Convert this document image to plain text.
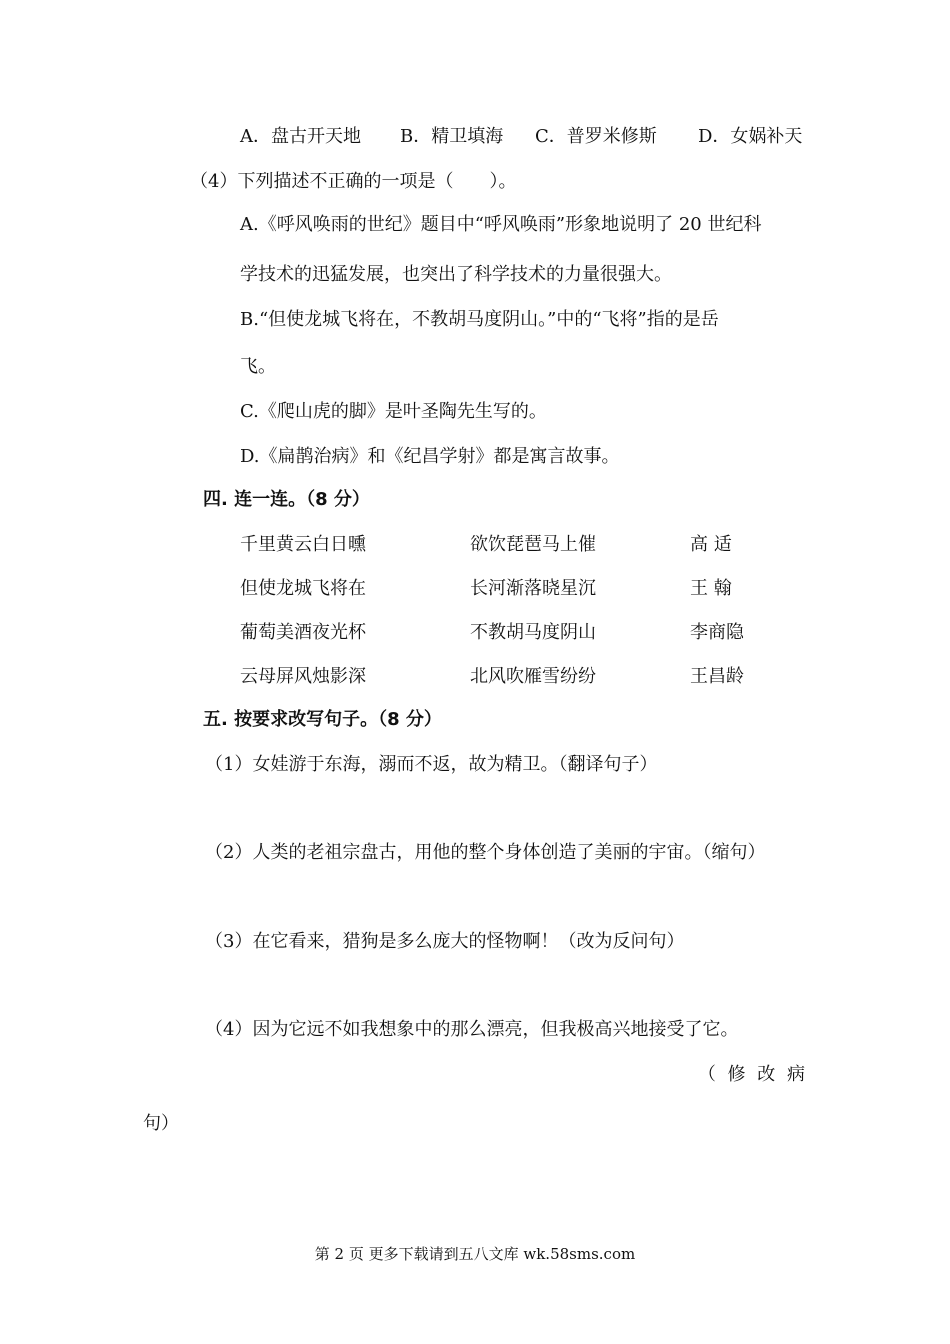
A．盘古开天地 B．精卫填海 C．普罗米修斯 D．女娲补天
（4）下列描述不正确的一项是（　　）。
A.《呼风唤雨的世纪》题目中“呼风唤雨”形象地说明了 20 世纪科
学技术的迅猛发展，也突出了科学技术的力量很强大。
B.“但使龙城飞将在，不教胡马度阴山。”中的“飞将”指的是岳
飞。
C.《爬山虎的脚》是叶圣陶先生写的。
D.《扁鹊治病》和《纪昌学射》都是寓言故事。
四. 连一连。（8 分）
千里黄云白日曛	欲饮琵琶马上催	高 适
但使龙城飞将在	长河渐落晓星沉	王 翰
葡萄美酒夜光杯	不教胡马度阴山	李商隐
云母屏风烛影深	北风吹雁雪纷纷	王昌龄
五. 按要求改写句子。（8 分）
（1）女娃游于东海，溺而不返，故为精卫。（翻译句子）
（2）人类的老祖宗盘古，用他的整个身体创造了美丽的宇宙。（缩句）
（3）在它看来，猎狗是多么庞大的怪物啊！（改为反问句）
（4）因为它远不如我想象中的那么漂亮，但我极高兴地接受了它。
（ 修 改 病
句）
第 2 页 更多下载请到五八文库 wk.58sms.com
